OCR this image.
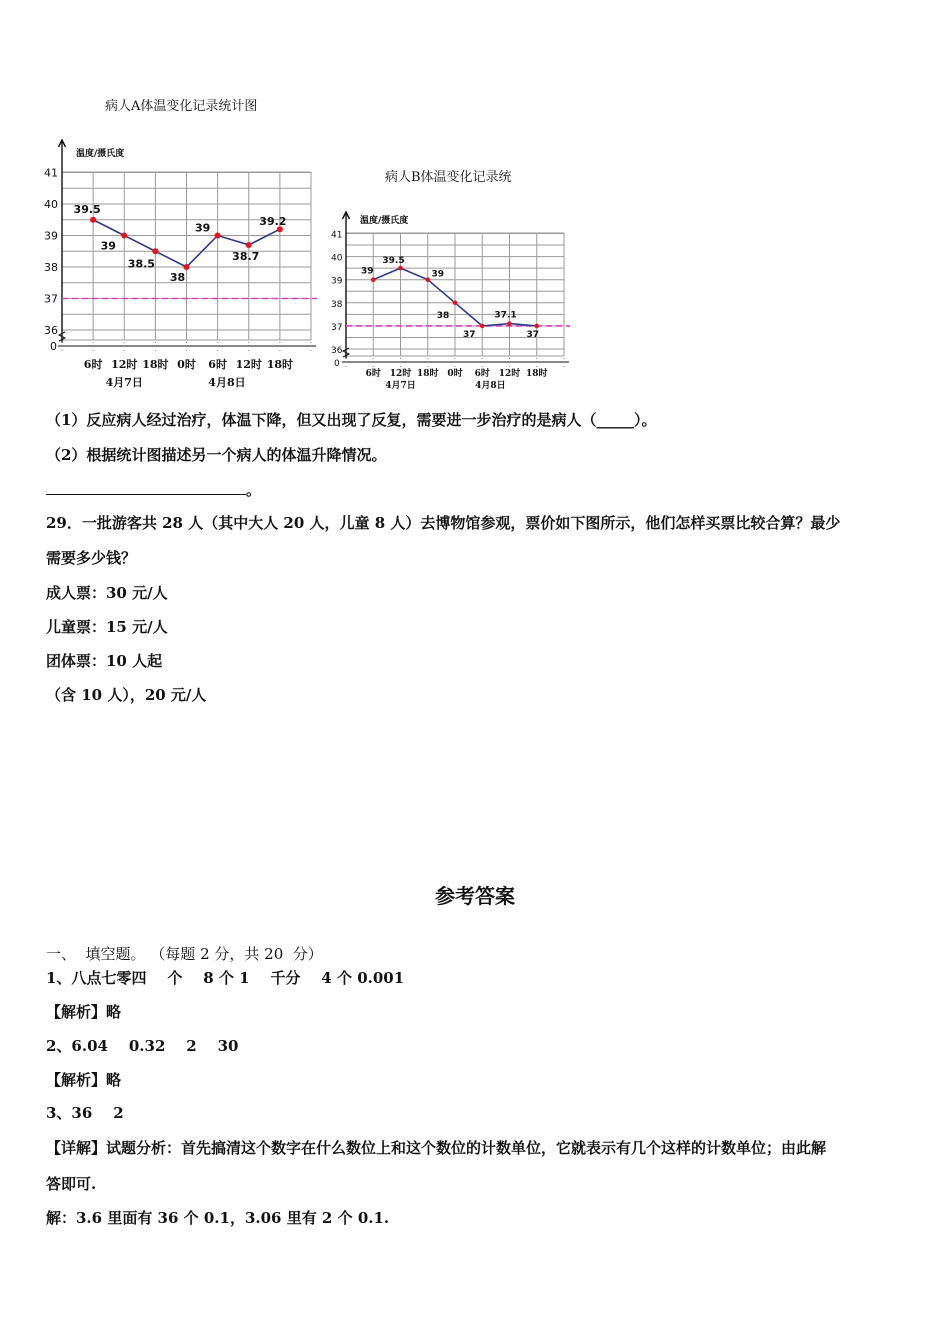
病人A体温变化记录统计图
温度/摄氏度
0
41
40
39
38
37
36
6时 12时 18时 0时 6时 12时 18时
4月7日	4月8日
39.5
39
38.5
38
39
38.7
39.2
病人B体温变化记录统
温度/摄氏度
0
41
40
39
38
37
36
6时 12时 18时 0时 6时 12时 18时
4月7日	4月8日
39
39.5
39
38
37
37.1
37
（1）反应病人经过治疗，体温下降，但又出现了反复，需要进一步治疗的是病人（_____）。
（2）根据统计图描述另一个病人的体温升降情况。
。
29．一批游客共 28 人（其中大人 20 人，儿童 8 人）去博物馆参观，票价如下图所示，他们怎样买票比较合算？最少
需要多少钱？
成人票：30 元/人
儿童票：15 元/人
团体票：10 人起
（含 10 人），20 元/人
参考答案
一、  填空题。 （每题 2 分，共 20  分）
1、八点七零四    个    8 个 1    千分    4 个 0.001
【解析】略
2、6.04    0.32    2    30
【解析】略
3、36    2
【详解】试题分析：首先搞清这个数字在什么数位上和这个数位的计数单位，它就表示有几个这样的计数单位；由此解
答即可.
解：3.6 里面有 36 个 0.1，3.06 里有 2 个 0.1.
